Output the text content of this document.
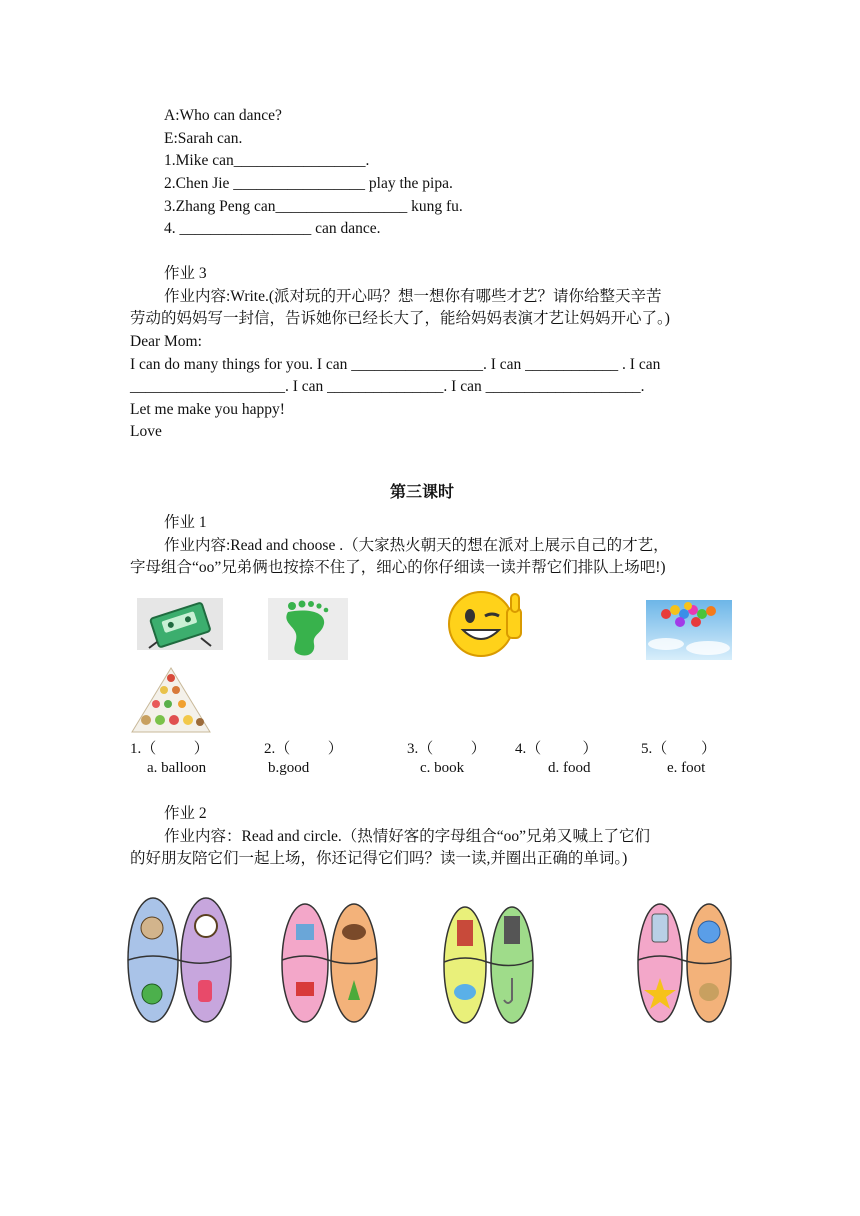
A:Who can dance?
E:Sarah can.
1.Mike can_________________.
2.Chen Jie _________________ play the pipa.
3.Zhang Peng can_________________ kung fu.
4. _________________ can dance.
作业 3
作业内容:Write.(派对玩的开心吗？想一想你有哪些才艺？请你给整天辛苦
劳动的妈妈写一封信，告诉她你已经长大了，能给妈妈表演才艺让妈妈开心了。)
Dear Mom:
I can do many things for you. I can _________________. I can ____________ . I can
____________________. I can _______________. I can ____________________.
Let me make you happy!
Love
第三课时
作业 1
作业内容:Read and choose .（大家热火朝天的想在派对上展示自己的才艺，
字母组合“oo”兄弟俩也按捺不住了，细心的你仔细读一读并帮它们排队上场吧!)
1.（          ）	2.（          ）	3.（          ） 4.（           ）	5.（         ）
a. balloon	b.good	c. book	d. food	e. foot
作业 2
作业内容：Read and circle.（热情好客的字母组合“oo”兄弟又喊上了它们
的好朋友陪它们一起上场，你还记得它们吗？读一读,并圈出正确的单词。)
